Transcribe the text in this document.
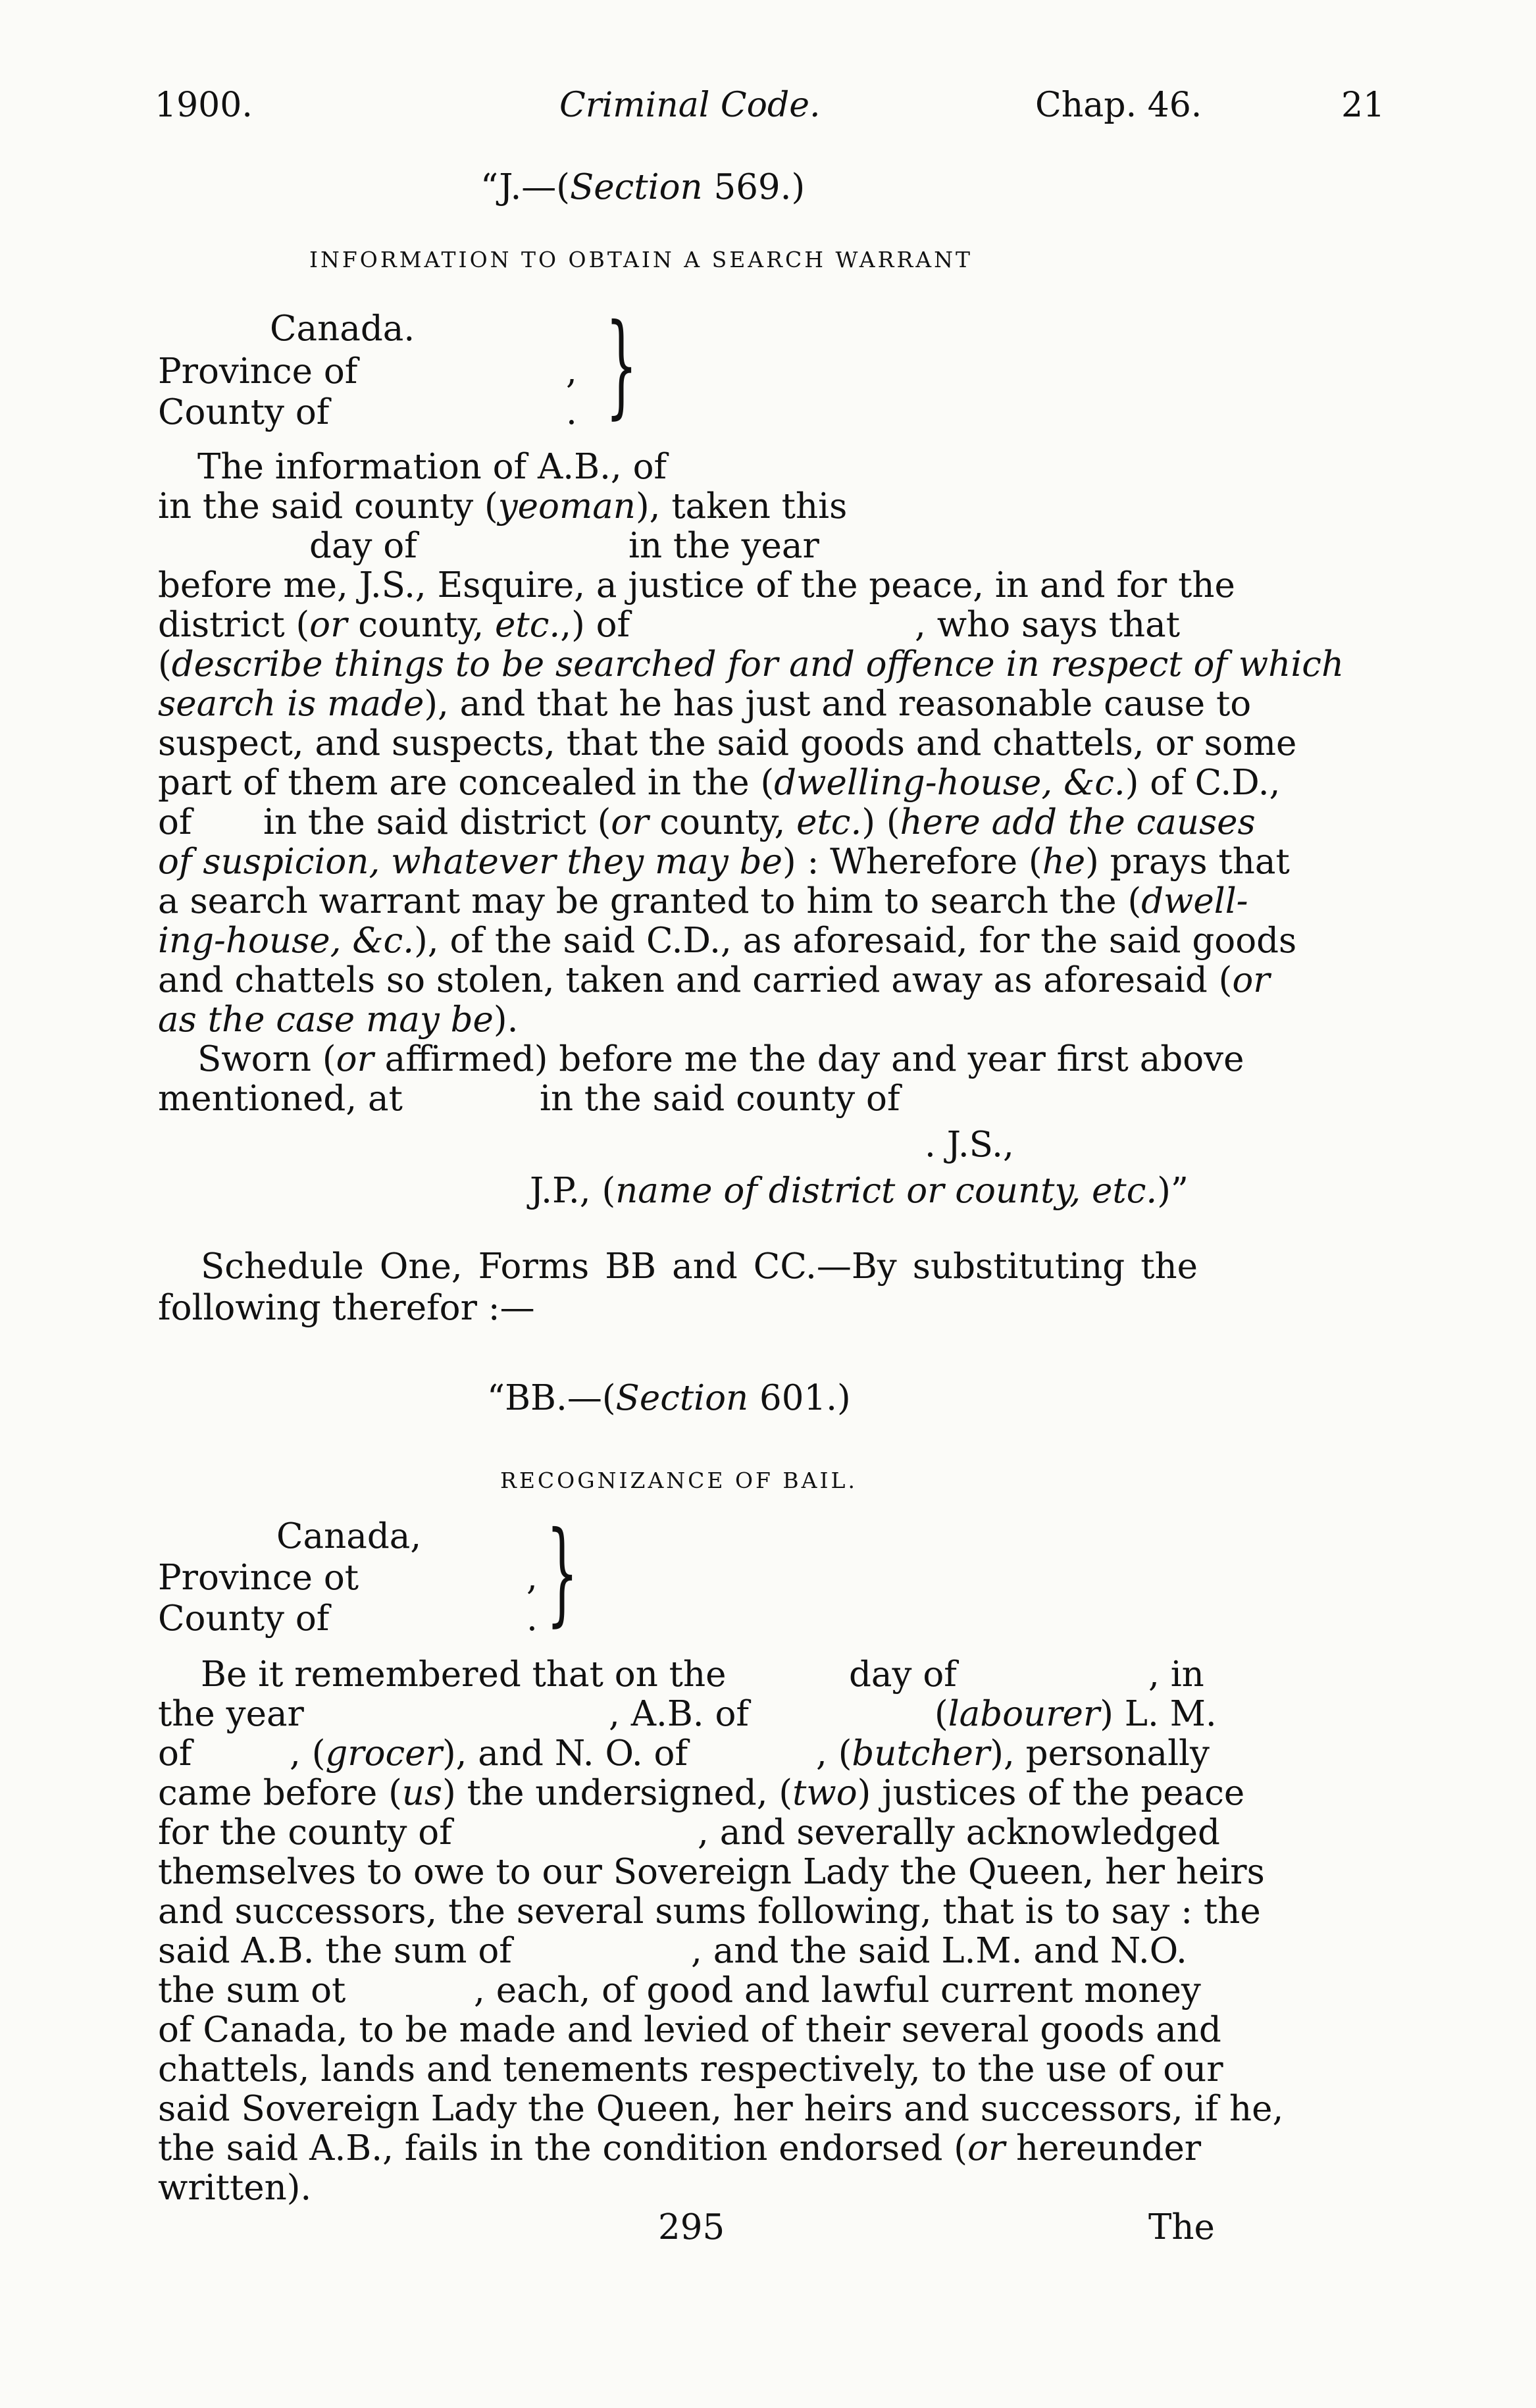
1900.	Criminal Code.	Chap. 46.	21
“J.—(Section 569.)
INFORMATION TO OBTAIN A SEARCH WARRANT
Canada.
Province of
County of
,
. }
The information of A.B., of
in the said county (yeoman), taken this
day of	in the year
before me, J.S., Esquire, a justice of the peace, in and for the
district (or county, etc.,) of	, who says that
(describe things to be searched for and offence in respect of which
search is made), and that he has just and reasonable cause to
suspect, and suspects, that the said goods and chattels, or some
part of them are concealed in the (dwelling-house, &c.) of C.D.,
of in the said district (or county, etc.) (here add the causes
of suspicion, whatever they may be) : Wherefore (he) prays that
a search warrant may be granted to him to search the (dwell-
ing-house, &c.), of the said C.D., as aforesaid, for the said goods
and chattels so stolen, taken and carried away as aforesaid (or
as the case may be).
Sworn (or affirmed) before me the day and year first above
mentioned, at	in the said county of
. J.S.,
J.P., (name of district or county, etc.)”
Schedule One, Forms BB and CC.—By substituting the
following therefor :—
“BB.—(Section 601.)
RECOGNIZANCE OF BAIL.
Canada,
Province ot
County of
,
. }
Be it remembered that on the	day of	, in
the year	, A.B. of	(labourer) L. M.
of	, (grocer), and N. O. of	, (butcher), personally
came before (us) the undersigned, (two) justices of the peace
for the county of	, and severally acknowledged
themselves to owe to our Sovereign Lady the Queen, her heirs
and successors, the several sums following, that is to say : the
said A.B. the sum of	, and the said L.M. and N.O.
the sum ot	, each, of good and lawful current money
of Canada, to be made and levied of their several goods and
chattels, lands and tenements respectively, to the use of our
said Sovereign Lady the Queen, her heirs and successors, if he,
the said A.B., fails in the condition endorsed (or hereunder
written).
295	The
